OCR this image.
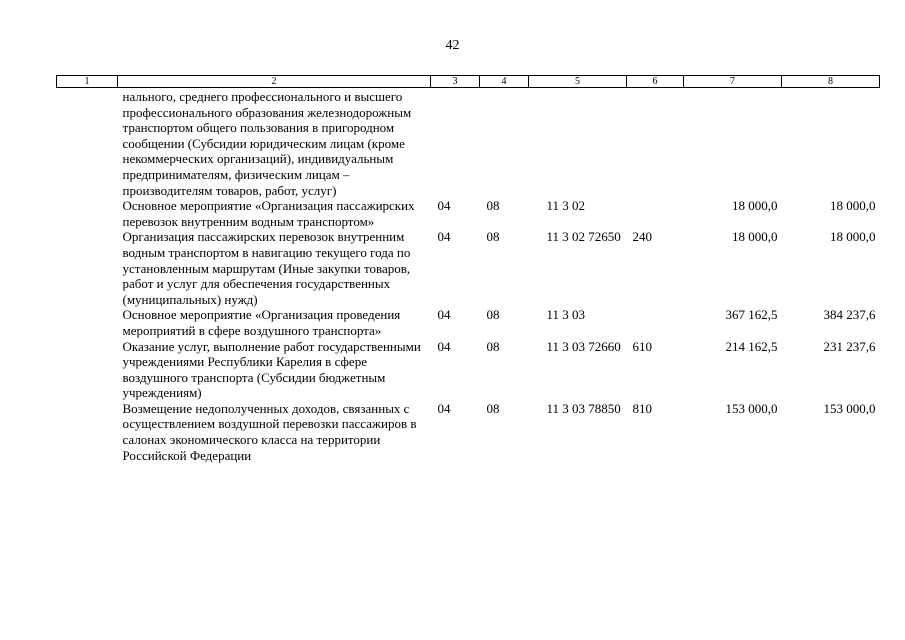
42
1	2	3	4	5	6	7	8
	нального, среднего профессионального и высшего профессионального образования железнодорожным транспортом общего пользования в пригородном сообщении (Субсидии юридическим лицам (кроме некоммерческих организаций), индивидуальным предпринимателям, физическим лицам – производителям товаров, работ, услуг)						
	Основное мероприятие «Организация пассажирских перевозок внутренним водным транспортом»	04	08	11 3 02		18 000,0	18 000,0
	Организация пассажирских перевозок внутренним водным транспортом в навигацию текущего года по установленным маршрутам (Иные закупки товаров, работ и услуг для обеспечения государственных (муниципальных) нужд)	04	08	11 3 02 72650	240	18 000,0	18 000,0
	Основное мероприятие «Организация проведения мероприятий в сфере воздушного транспорта»	04	08	11 3 03		367 162,5	384 237,6
	Оказание услуг, выполнение работ государственными учреждениями Республики Карелия в сфере воздушного транспорта (Субсидии бюджетным учреждениям)	04	08	11 3 03 72660	610	214 162,5	231 237,6
	Возмещение недополученных доходов, связанных с осуществлением воздушной перевозки пассажиров в салонах экономического класса на территории Российской Федерации	04	08	11 3 03 78850	810	153 000,0	153 000,0
